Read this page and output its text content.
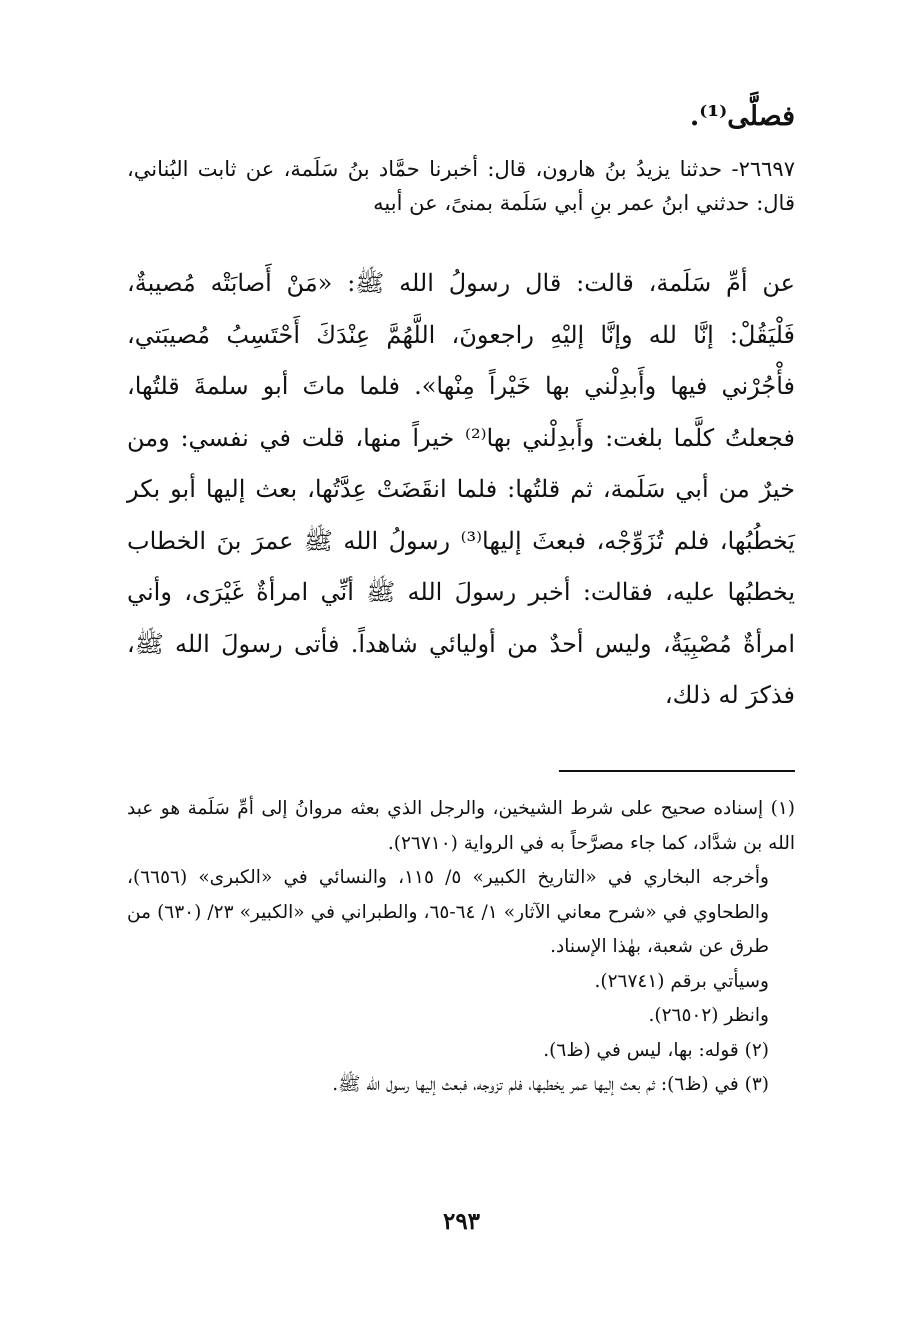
فصلَّى⁽¹⁾.
٢٦٦٩٧- حدثنا يزيدُ بنُ هارون، قال: أخبرنا حمَّاد بنُ سَلَمة، عن ثابت البُناني، قال: حدثني ابنُ عمر بنِ أبي سَلَمة بمنىً، عن أبيه
عن أمِّ سَلَمة، قالت: قال رسولُ الله ﷺ: «مَنْ أَصابَتْه مُصيبةٌ، فَلْيَقُلْ: إنَّا لله وإنَّا إليْهِ راجعونَ، اللَّهُمَّ عِنْدَكَ أَحْتَسِبُ مُصيبَتي، فأْجُرْني فيها وأَبدِلْني بها خَيْراً مِنْها». فلما ماتَ أبو سلمةَ قلتُها، فجعلتُ كلَّما بلغت: وأَبدِلْني بها⁽²⁾ خيراً منها، قلت في نفسي: ومن خيرٌ من أبي سَلَمة، ثم قلتُها: فلما انقَضَتْ عِدَّتُها، بعث إليها أبو بكر يَخطُبُها، فلم تُزَوِّجْه، فبعثَ إليها⁽³⁾ رسولُ الله ﷺ عمرَ بنَ الخطاب يخطبُها عليه، فقالت: أخبر رسولَ الله ﷺ أنِّي امرأةٌ غَيْرَى، وأني امرأةٌ مُصْبِيَةٌ، وليس أحدٌ من أوليائي شاهداً. فأتى رسولَ الله ﷺ، فذكرَ له ذلك،

(١) إسناده صحيح على شرط الشيخين، والرجل الذي بعثه مروانُ إلى أمِّ سَلَمة هو عبد الله بن شدَّاد، كما جاء مصرَّحاً به في الرواية (٢٦٧١٠).

وأخرجه البخاري في «التاريخ الكبير» ٥/ ١١٥، والنسائي في «الكبرى» (٦٦٥٦)، والطحاوي في «شرح معاني الآثار» ١/ ٦٤-٦٥، والطبراني في «الكبير» ٢٣/ (٦٣٠) من طرق عن شعبة، بهٰذا الإسناد.

وسيأتي برقم (٢٦٧٤١).

وانظر (٢٦٥٠٢).

(٢) قوله: بها، ليس في (ظ٦).

(٣) في (ظ٦): ثم بعث إليها عمر يخطبها، فلم تزوجه، فبعث إليها رسول الله ﷺ.

٢٩٣
